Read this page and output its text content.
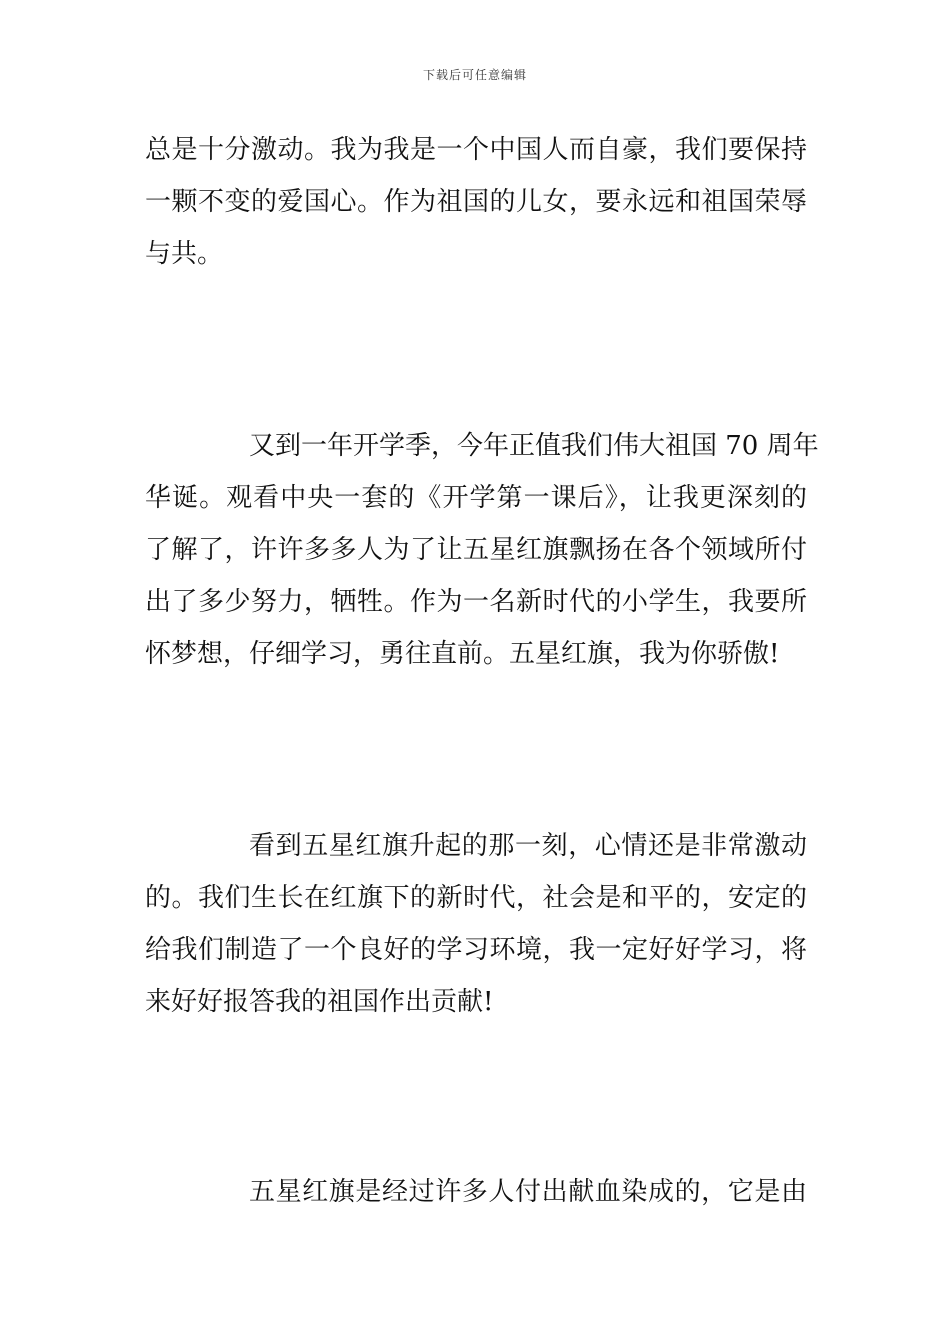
下载后可任意编辑
总是十分激动。我为我是一个中国人而自豪，我们要保持
一颗不变的爱国心。作为祖国的儿女，要永远和祖国荣辱
与共。
又到一年开学季，今年正值我们伟大祖国 70 周年
华诞。观看中央一套的《开学第一课后》，让我更深刻的
了解了，许许多多人为了让五星红旗飘扬在各个领域所付
出了多少努力，牺牲。作为一名新时代的小学生，我要所
怀梦想，仔细学习，勇往直前。五星红旗，我为你骄傲!
看到五星红旗升起的那一刻，心情还是非常激动
的。我们生长在红旗下的新时代，社会是和平的，安定的
给我们制造了一个良好的学习环境，我一定好好学习，将
来好好报答我的祖国作出贡献!
五星红旗是经过许多人付出献血染成的，它是由
